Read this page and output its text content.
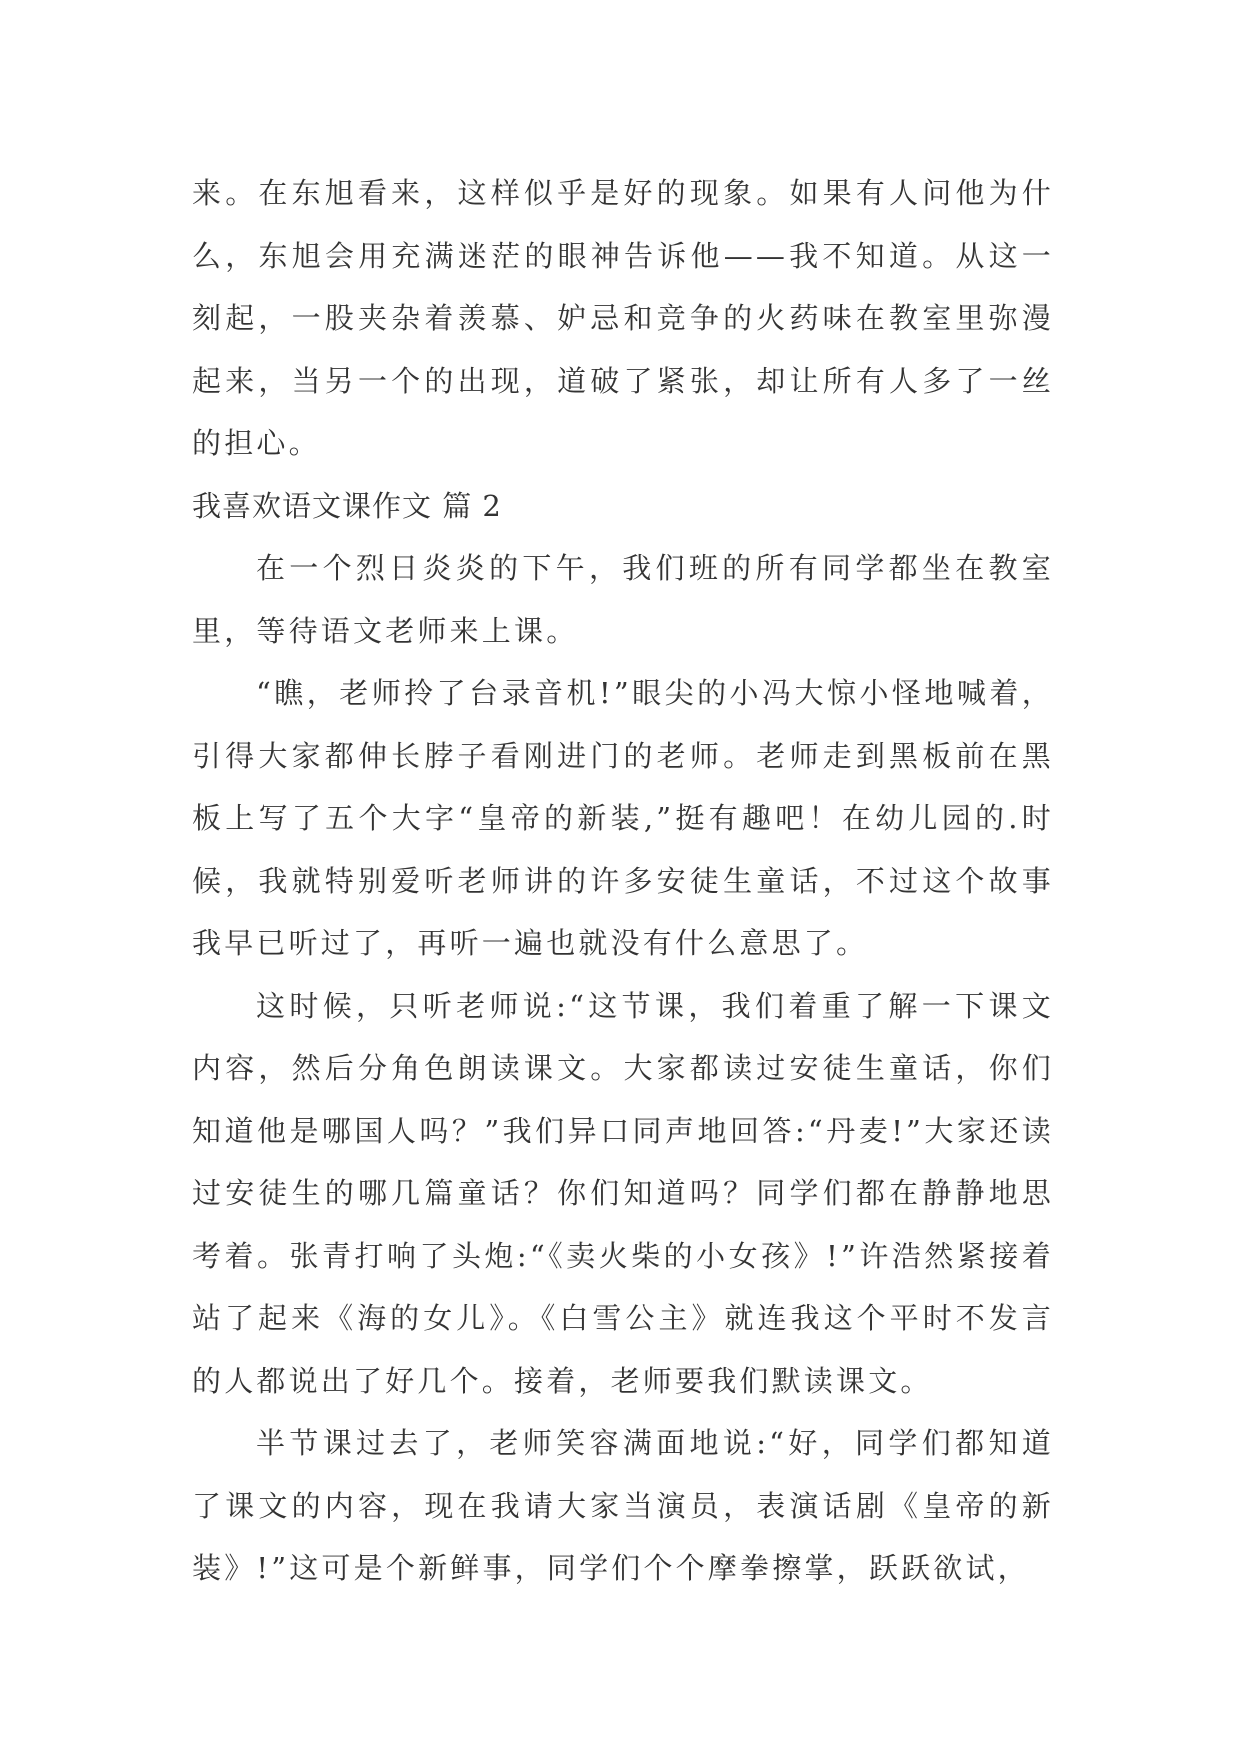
来。在东旭看来，这样似乎是好的现象。如果有人问他为什么，东旭会用充满迷茫的眼神告诉他——我不知道。从这一刻起，一股夹杂着羡慕、妒忌和竞争的火药味在教室里弥漫起来，当另一个的出现，道破了紧张，却让所有人多了一丝的担心。

我喜欢语文课作文 篇 2

在一个烈日炎炎的下午，我们班的所有同学都坐在教室里，等待语文老师来上课。

“瞧，老师拎了台录音机!”眼尖的小冯大惊小怪地喊着，引得大家都伸长脖子看刚进门的老师。老师走到黑板前在黑板上写了五个大字“皇帝的新装,”挺有趣吧！在幼儿园的.时候，我就特别爱听老师讲的许多安徒生童话，不过这个故事我早已听过了，再听一遍也就没有什么意思了。

这时候，只听老师说:“这节课，我们着重了解一下课文内容，然后分角色朗读课文。大家都读过安徒生童话，你们知道他是哪国人吗？”我们异口同声地回答:“丹麦!”大家还读过安徒生的哪几篇童话？你们知道吗？同学们都在静静地思考着。张青打响了头炮:“《卖火柴的小女孩》!”许浩然紧接着站了起来《海的女儿》。《白雪公主》就连我这个平时不发言的人都说出了好几个。接着，老师要我们默读课文。

半节课过去了，老师笑容满面地说:“好，同学们都知道了课文的内容，现在我请大家当演员，表演话剧《皇帝的新装》!”这可是个新鲜事，同学们个个摩拳擦掌，跃跃欲试，
